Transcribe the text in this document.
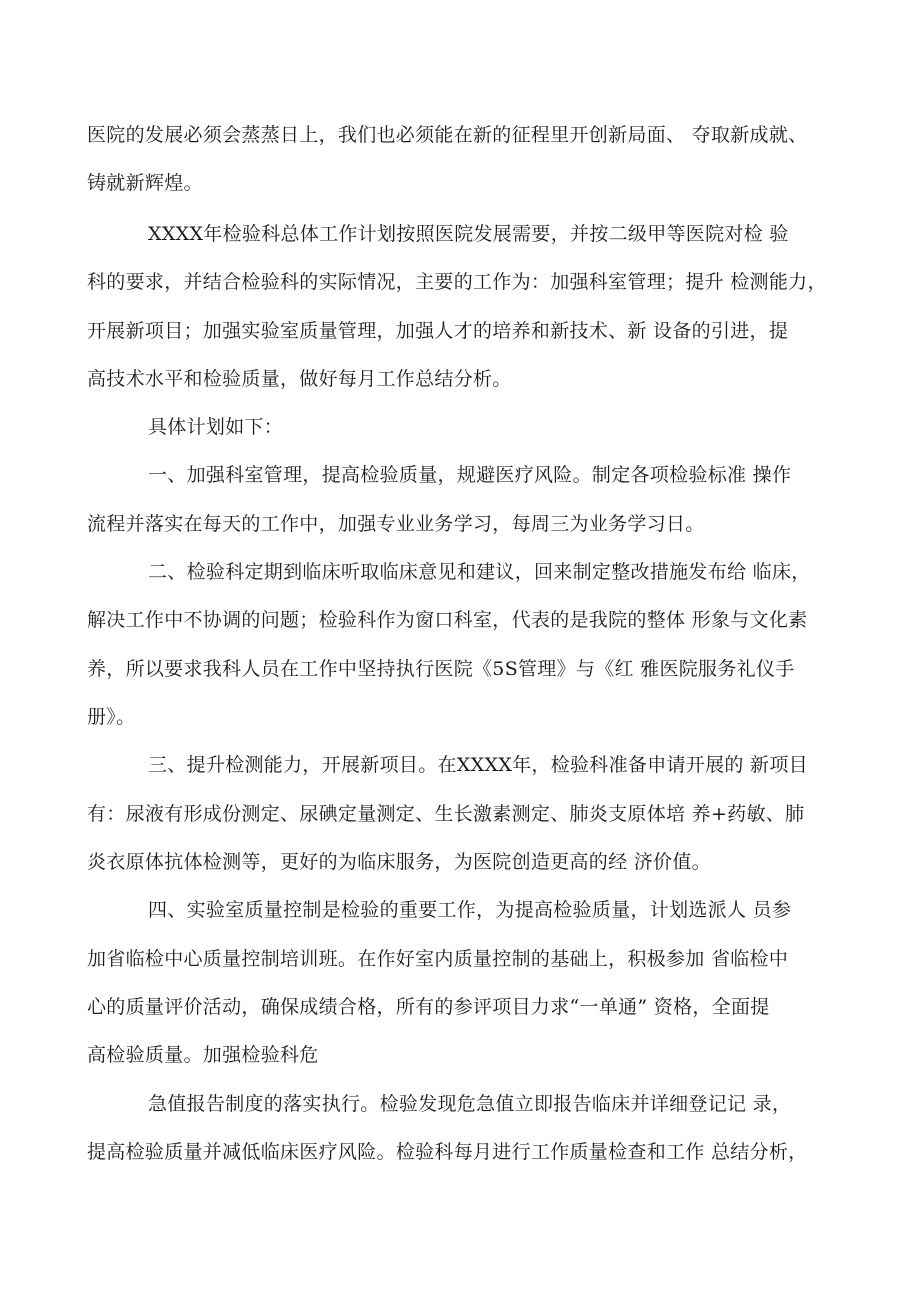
医院的发展必须会蒸蒸日上，我们也必须能在新的征程里开创新局面、 夺取新成就、
铸就新辉煌。
XXXX年检验科总体工作计划按照医院发展需要，并按二级甲等医院对检 验
科的要求，并结合检验科的实际情况，主要的工作为：加强科室管理；提升 检测能力，
开展新项目；加强实验室质量管理，加强人才的培养和新技术、新 设备的引进，提
高技术水平和检验质量，做好每月工作总结分析。
具体计划如下：
一、加强科室管理，提高检验质量，规避医疗风险。制定各项检验标准 操作
流程并落实在每天的工作中，加强专业业务学习，每周三为业务学习日。
二、检验科定期到临床听取临床意见和建议，回来制定整改措施发布给 临床，
解决工作中不协调的问题；检验科作为窗口科室，代表的是我院的整体 形象与文化素
养，所以要求我科人员在工作中坚持执行医院《5S管理》与《红 雅医院服务礼仪手
册》。
三、提升检测能力，开展新项目。在XXXX年，检验科准备申请开展的 新项目
有：尿液有形成份测定、尿碘定量测定、生长激素测定、肺炎支原体培 养+药敏、肺
炎衣原体抗体检测等，更好的为临床服务，为医院创造更高的经 济价值。
四、实验室质量控制是检验的重要工作，为提高检验质量，计划选派人 员参
加省临检中心质量控制培训班。在作好室内质量控制的基础上，积极参加 省临检中
心的质量评价活动，确保成绩合格，所有的参评项目力求“一单通” 资格，全面提
高检验质量。加强检验科危
急值报告制度的落实执行。检验发现危急值立即报告临床并详细登记记 录，
提高检验质量并减低临床医疗风险。检验科每月进行工作质量检查和工作 总结分析，
